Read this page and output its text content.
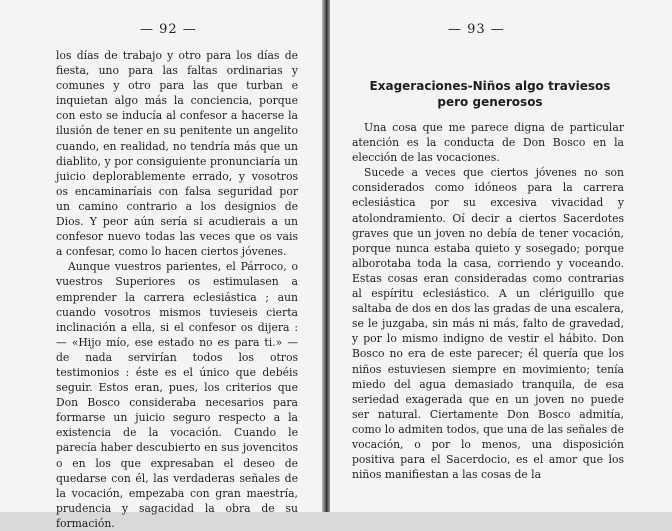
— 92 —

los días de trabajo y otro para los días de fiesta, uno para las faltas ordinarias y comunes y otro para las que turban e inquietan algo más la conciencia, porque con esto se inducía al confesor a hacerse la ilusión de tener en su penitente un angelito cuando, en realidad, no tendría más que un diablito, y por consiguiente pronunciaría un juicio deplorablemente errado, y vosotros os encaminaríais con falsa seguridad por un camino contrario a los designios de Dios. Y peor aún sería si acudierais a un confesor nuevo todas las veces que os vais a confesar, como lo hacen ciertos jóvenes.

Aunque vuestros parientes, el Párroco, o vuestros Superiores os estimulasen a emprender la carrera eclesiástica ; aun cuando vosotros mismos tuvieseis cierta inclinación a ella, si el confesor os dijera : — «Hijo mío, ese estado no es para ti.» — de nada servirían todos los otros testimonios : éste es el único que debéis seguir. Estos eran, pues, los criterios que Don Bosco consideraba necesarios para formarse un juicio seguro respecto a la existencia de la vocación. Cuando le parecía haber descubierto en sus jovencitos o en los que expresaban el deseo de quedarse con él, las verdaderas señales de la vocación, empezaba con gran maestría, prudencia y sagacidad la obra de su formación.

— 93 —
Exageraciones-Niños algo traviesos
pero generosos

Una cosa que me parece digna de particular atención es la conducta de Don Bosco en la elección de las vocaciones.

Sucede a veces que ciertos jóvenes no son considerados como idóneos para la carrera eclesiástica por su excesiva vivacidad y atolondramiento. Oí decir a ciertos Sacerdotes graves que un joven no debía de tener vocación, porque nunca estaba quieto y sosegado; porque alborotaba toda la casa, corriendo y voceando. Estas cosas eran consideradas como contrarias al espíritu eclesiástico. A un clériguillo que saltaba de dos en dos las gradas de una escalera, se le juzgaba, sin más ni más, falto de gravedad, y por lo mismo indigno de vestir el hábito. Don Bosco no era de este parecer; él quería que los niños estuviesen siempre en movimiento; tenía miedo del agua demasiado tranquila, de esa seriedad exagerada que en un joven no puede ser natural. Ciertamente Don Bosco admitía, como lo admiten todos, que una de las señales de vocación, o por lo menos, una disposición positiva para el Sacerdocio, es el amor que los niños manifiestan a las cosas de la
